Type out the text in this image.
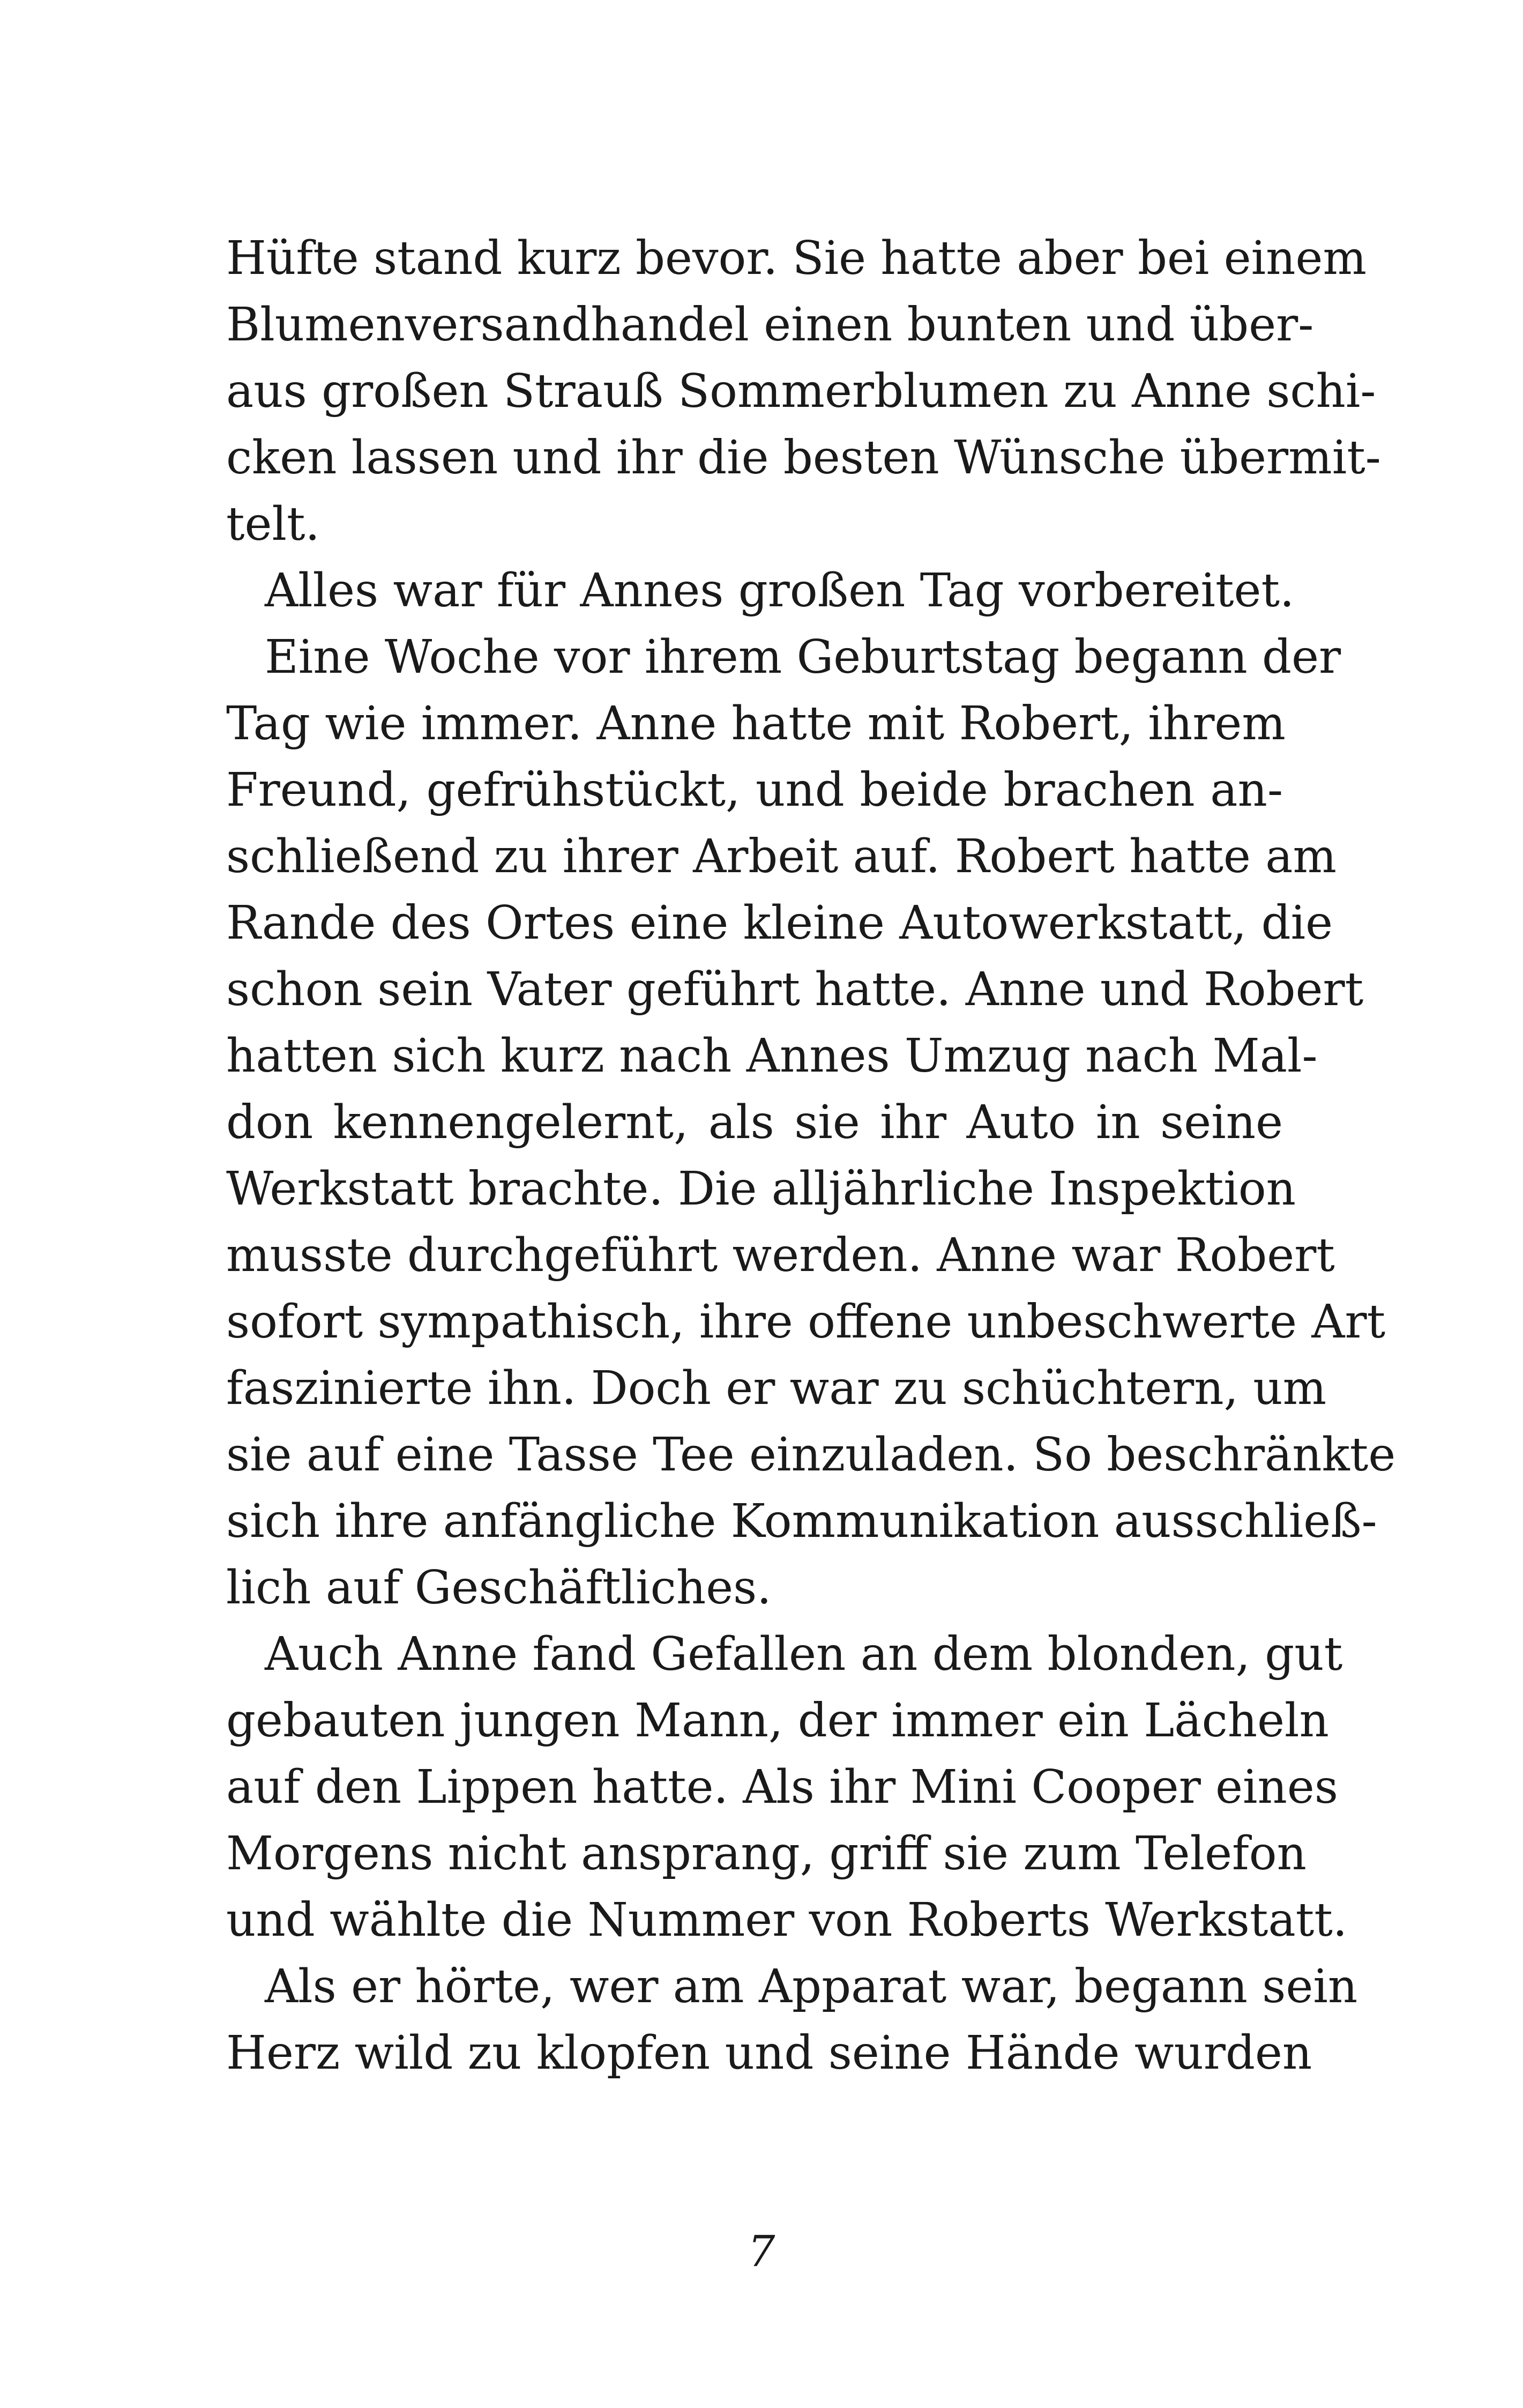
Hüfte stand kurz bevor. Sie hatte aber bei einem
Blumenversandhandel einen bunten und über-
aus großen Strauß Sommerblumen zu Anne schi-
cken lassen und ihr die besten Wünsche übermit-
telt.
Alles war für Annes großen Tag vorbereitet.
Eine Woche vor ihrem Geburtstag begann der
Tag wie immer. Anne hatte mit Robert, ihrem
Freund, gefrühstückt, und beide brachen an-
schließend zu ihrer Arbeit auf. Robert hatte am
Rande des Ortes eine kleine Autowerkstatt, die
schon sein Vater geführt hatte. Anne und Robert
hatten sich kurz nach Annes Umzug nach Mal-
don kennengelernt, als sie ihr Auto in seine
Werkstatt brachte. Die alljährliche Inspektion
musste durchgeführt werden. Anne war Robert
sofort sympathisch, ihre offene unbeschwerte Art
faszinierte ihn. Doch er war zu schüchtern, um
sie auf eine Tasse Tee einzuladen. So beschränkte
sich ihre anfängliche Kommunikation ausschließ-
lich auf Geschäftliches.
Auch Anne fand Gefallen an dem blonden, gut
gebauten jungen Mann, der immer ein Lächeln
auf den Lippen hatte. Als ihr Mini Cooper eines
Morgens nicht ansprang, griff sie zum Telefon
und wählte die Nummer von Roberts Werkstatt.
Als er hörte, wer am Apparat war, begann sein
Herz wild zu klopfen und seine Hände wurden
7
